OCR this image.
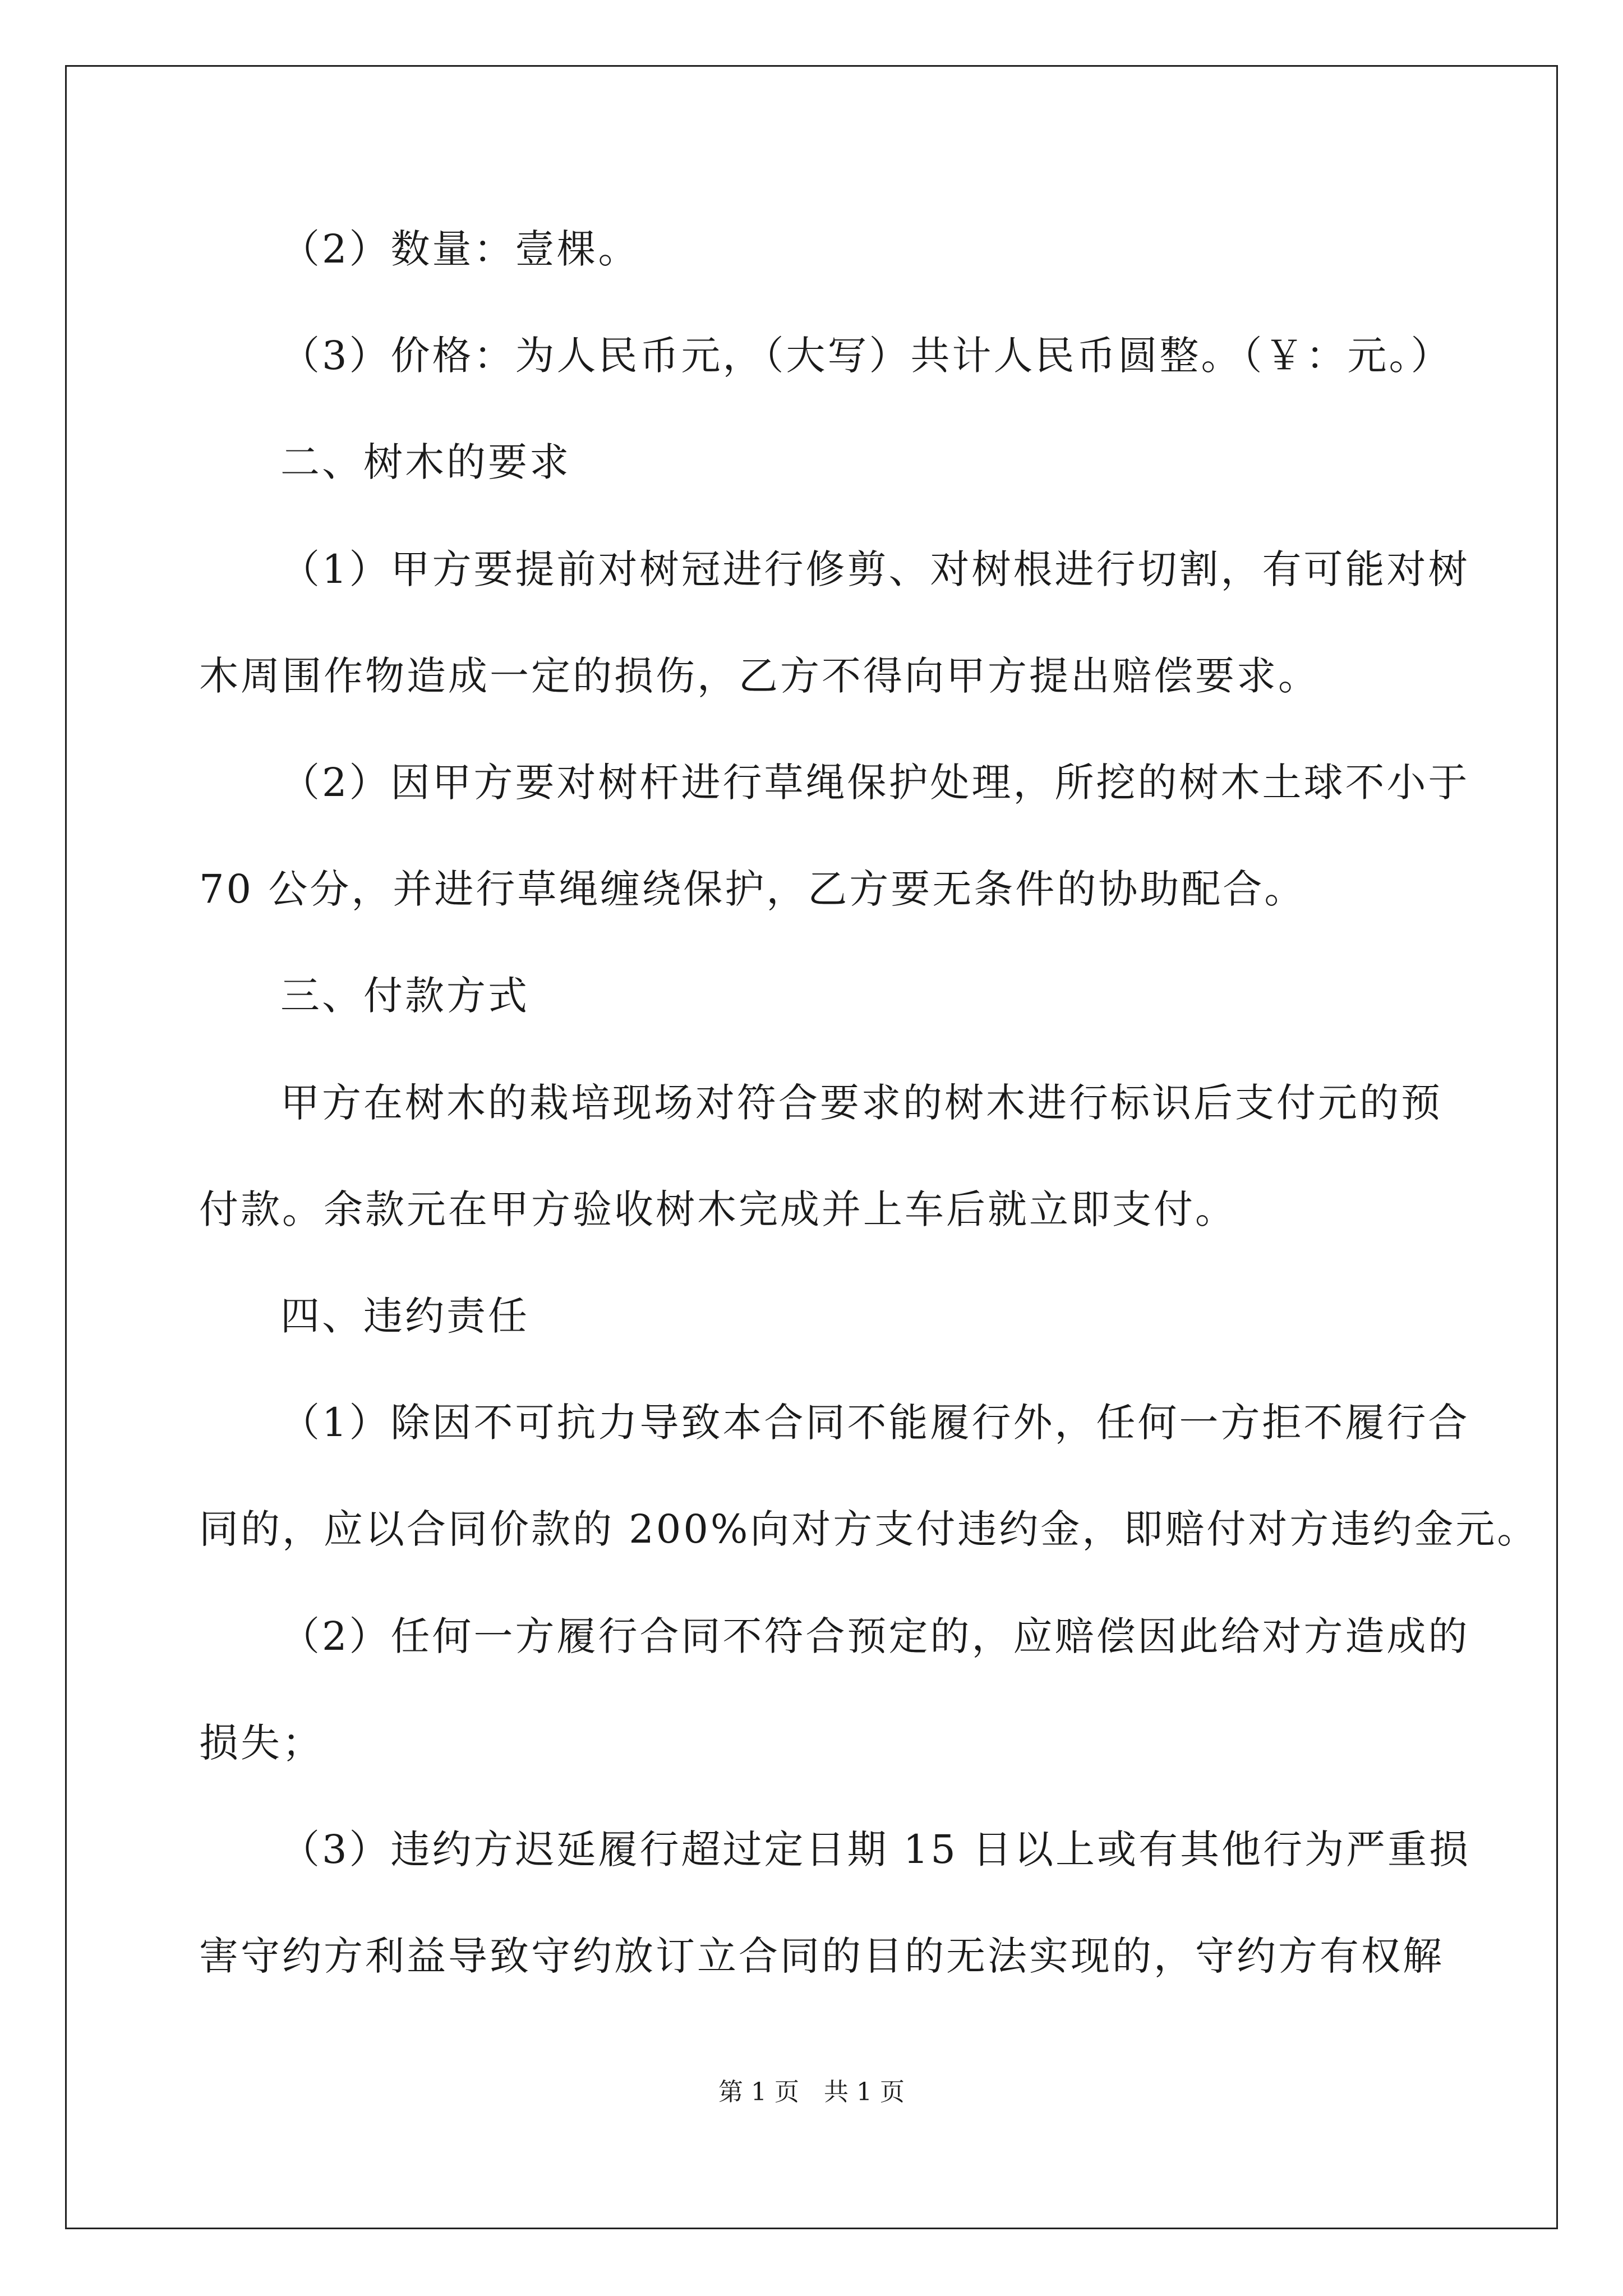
（2）数量：壹棵。
（3）价格：为人民币元，（大写）共计人民币圆整。（￥：元。）
二、树木的要求
（1）甲方要提前对树冠进行修剪、对树根进行切割，有可能对树
木周围作物造成一定的损伤，乙方不得向甲方提出赔偿要求。
（2）因甲方要对树杆进行草绳保护处理，所挖的树木土球不小于
70 公分，并进行草绳缠绕保护，乙方要无条件的协助配合。
三、付款方式
甲方在树木的栽培现场对符合要求的树木进行标识后支付元的预
付款。余款元在甲方验收树木完成并上车后就立即支付。
四、违约责任
（1）除因不可抗力导致本合同不能履行外，任何一方拒不履行合
同的，应以合同价款的 200%向对方支付违约金，即赔付对方违约金元。
（2）任何一方履行合同不符合预定的，应赔偿因此给对方造成的
损失；
（3）违约方迟延履行超过定日期 15 日以上或有其他行为严重损
害守约方利益导致守约放订立合同的目的无法实现的，守约方有权解
第 1 页　共 1 页
